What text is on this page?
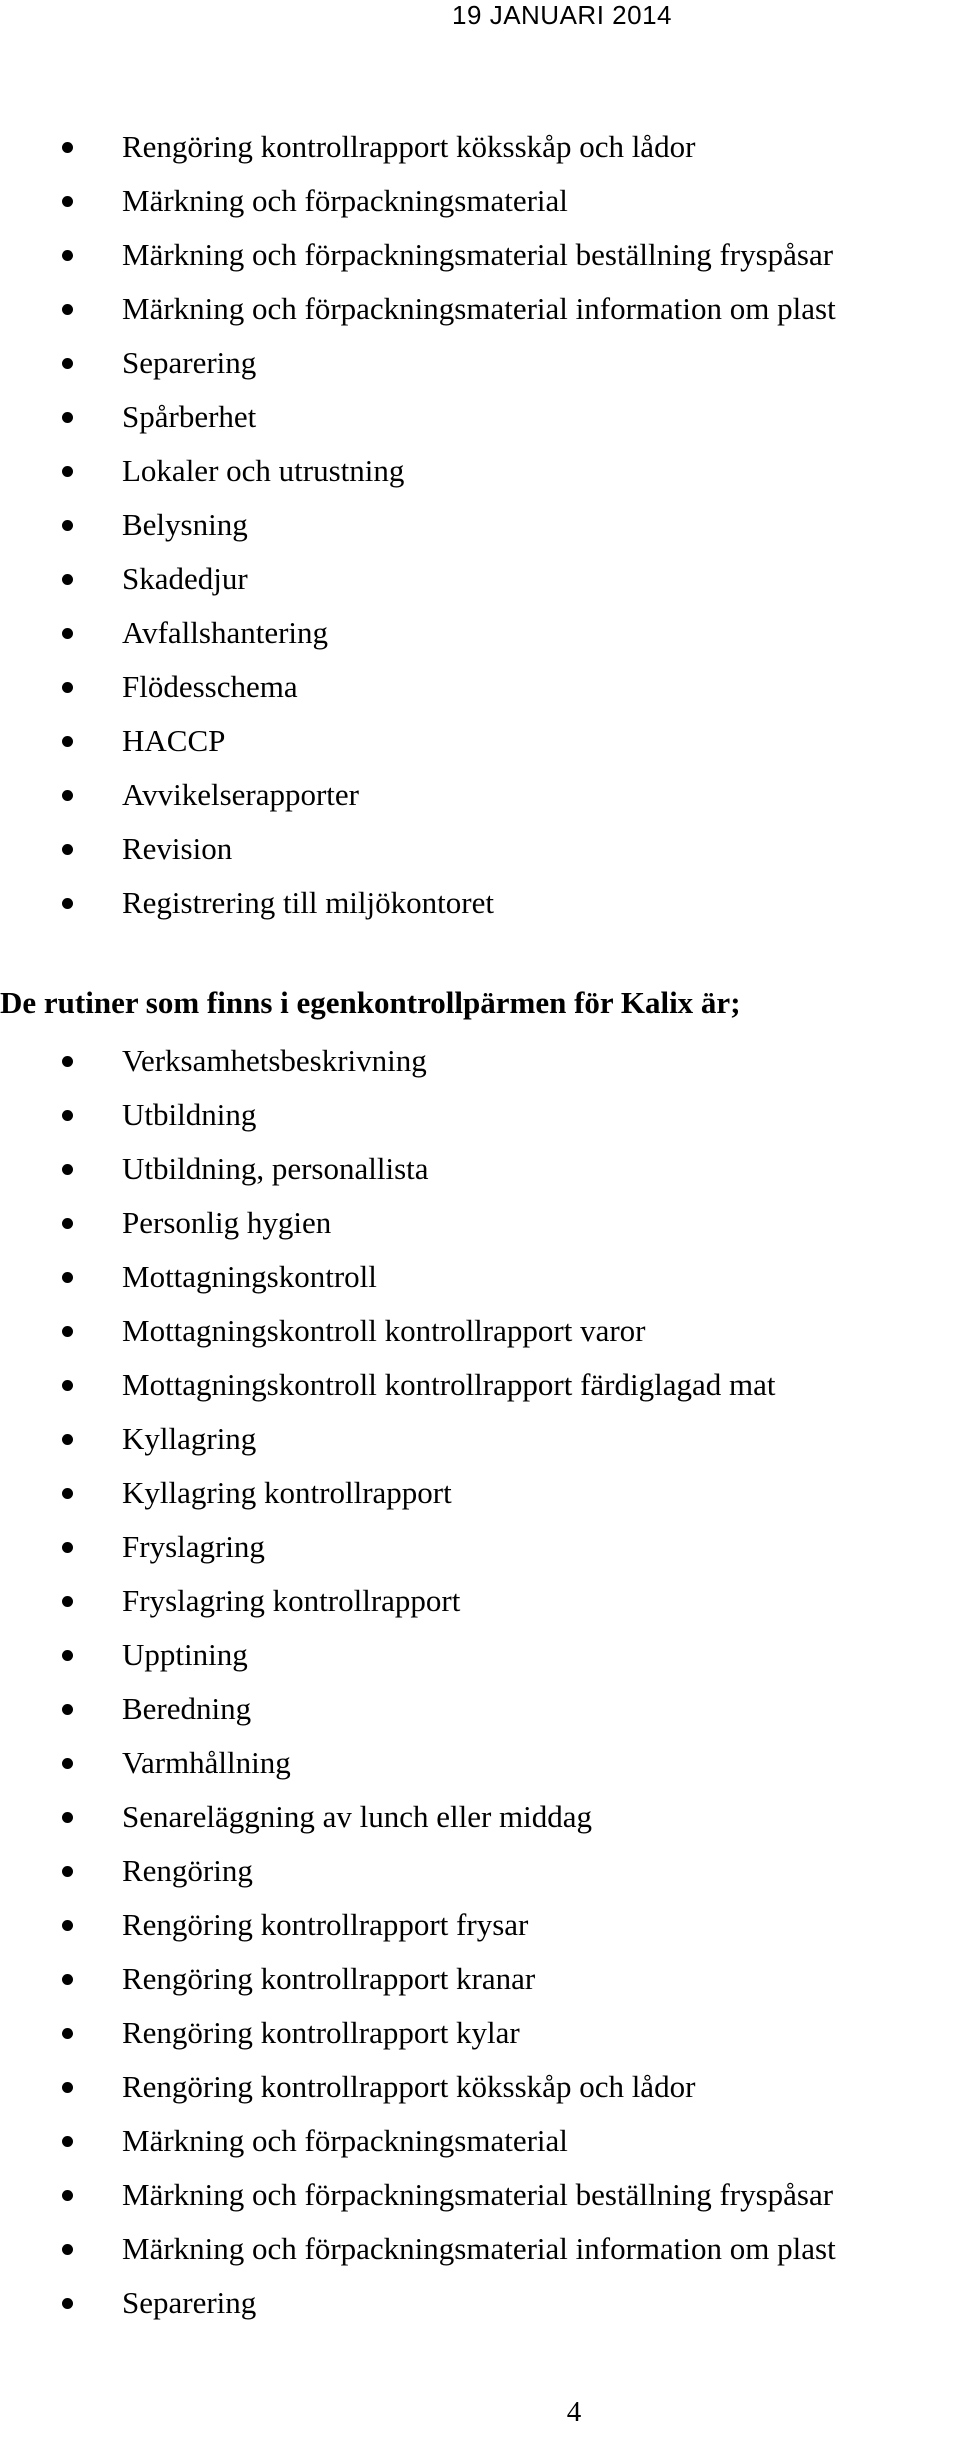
19 JANUARI 2014
Rengöring kontrollrapport köksskåp och lådor
Märkning och förpackningsmaterial
Märkning och förpackningsmaterial beställning fryspåsar
Märkning och förpackningsmaterial information om plast
Separering
Spårberhet
Lokaler och utrustning
Belysning
Skadedjur
Avfallshantering
Flödesschema
HACCP
Avvikelserapporter
Revision
Registrering till miljökontoret
De rutiner som finns i egenkontrollpärmen för Kalix är;
Verksamhetsbeskrivning
Utbildning
Utbildning, personallista
Personlig hygien
Mottagningskontroll
Mottagningskontroll kontrollrapport varor
Mottagningskontroll kontrollrapport färdiglagad mat
Kyllagring
Kyllagring kontrollrapport
Fryslagring
Fryslagring kontrollrapport
Upptining
Beredning
Varmhållning
Senareläggning av lunch eller middag
Rengöring
Rengöring kontrollrapport frysar
Rengöring kontrollrapport kranar
Rengöring kontrollrapport kylar
Rengöring kontrollrapport köksskåp och lådor
Märkning och förpackningsmaterial
Märkning och förpackningsmaterial beställning fryspåsar
Märkning och förpackningsmaterial information om plast
Separering
4
